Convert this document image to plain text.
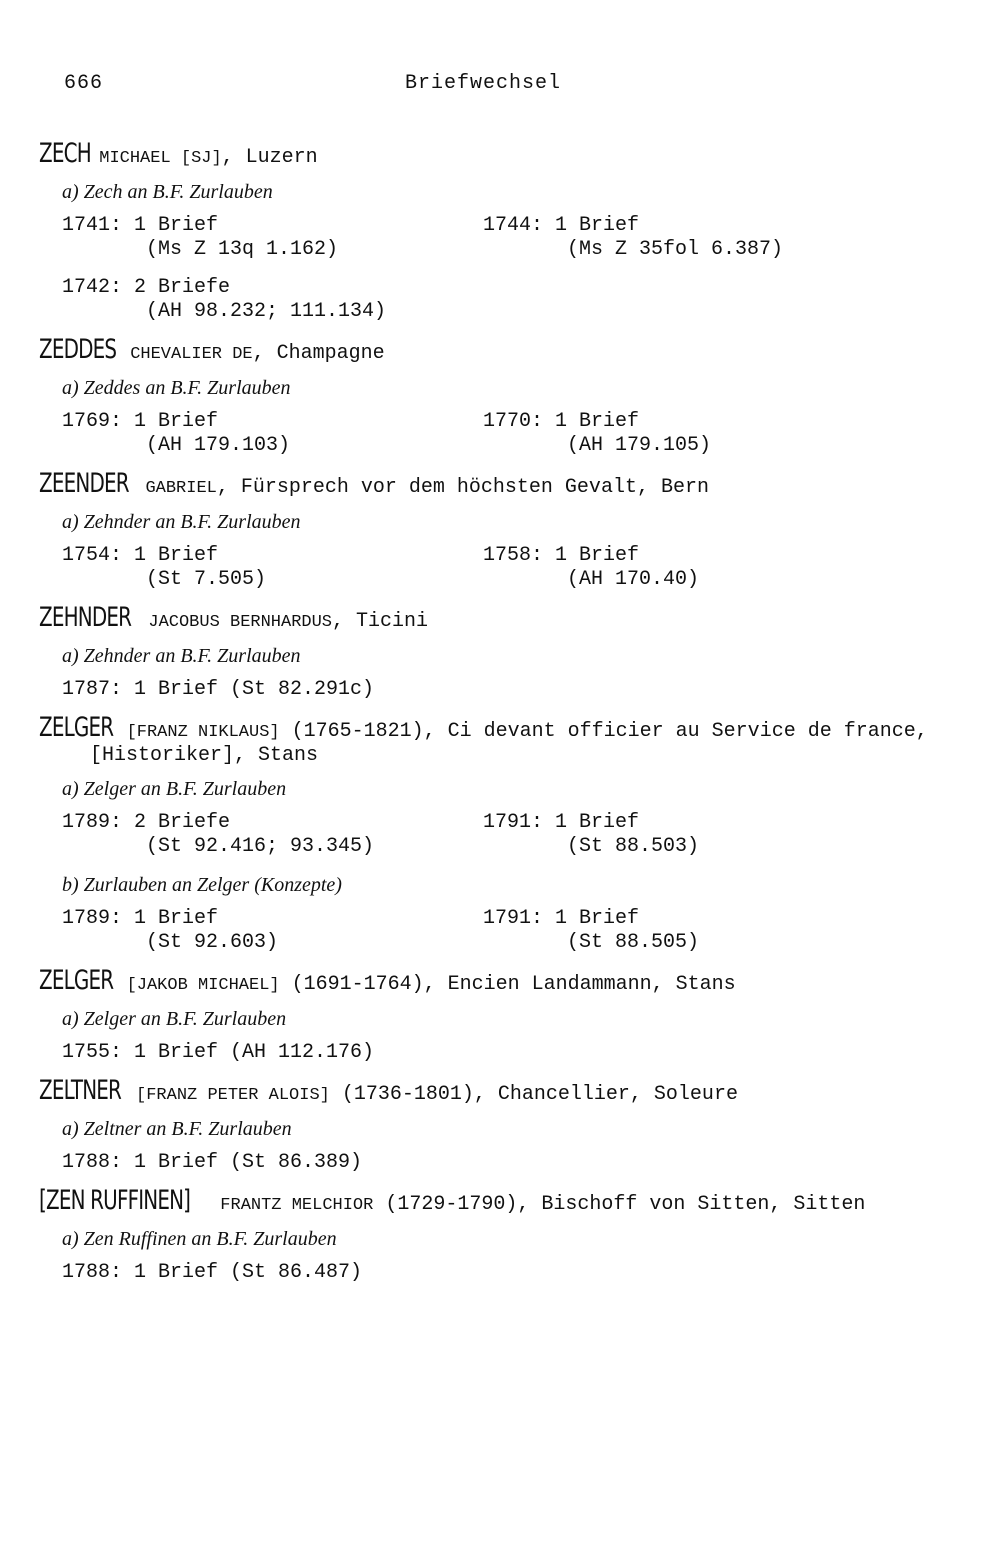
666	Briefwechsel
ZECH MICHAEL [SJ], Luzern
a) Zech an B.F. Zurlauben
1741: 1 Brief
(Ms Z 13q 1.162)
1744: 1 Brief
(Ms Z 35fol 6.387)
1742: 2 Briefe
(AH 98.232; 111.134)
ZEDDES CHEVALIER DE, Champagne
a) Zeddes an B.F. Zurlauben
1769: 1 Brief
(AH 179.103)
1770: 1 Brief
(AH 179.105)
ZEENDER GABRIEL, Fürsprech vor dem höchsten Gevalt, Bern
a) Zehnder an B.F. Zurlauben
1754: 1 Brief
(St 7.505)
1758: 1 Brief
(AH 170.40)
ZEHNDER JACOBUS BERNHARDUS, Ticini
a) Zehnder an B.F. Zurlauben
1787: 1 Brief (St 82.291c)
ZELGER [FRANZ NIKLAUS] (1765-1821), Ci devant officier au Service de france, [Historiker], Stans
a) Zelger an B.F. Zurlauben
1789: 2 Briefe
(St 92.416; 93.345)
1791: 1 Brief
(St 88.503)
b) Zurlauben an Zelger (Konzepte)
1789: 1 Brief
(St 92.603)
1791: 1 Brief
(St 88.505)
ZELGER [JAKOB MICHAEL] (1691-1764), Encien Landammann, Stans
a) Zelger an B.F. Zurlauben
1755: 1 Brief (AH 112.176)
ZELTNER [FRANZ PETER ALOIS] (1736-1801), Chancellier, Soleure
a) Zeltner an B.F. Zurlauben
1788: 1 Brief (St 86.389)
[ZEN RUFFINEN] FRANTZ MELCHIOR (1729-1790), Bischoff von Sitten, Sitten
a) Zen Ruffinen an B.F. Zurlauben
1788: 1 Brief (St 86.487)
